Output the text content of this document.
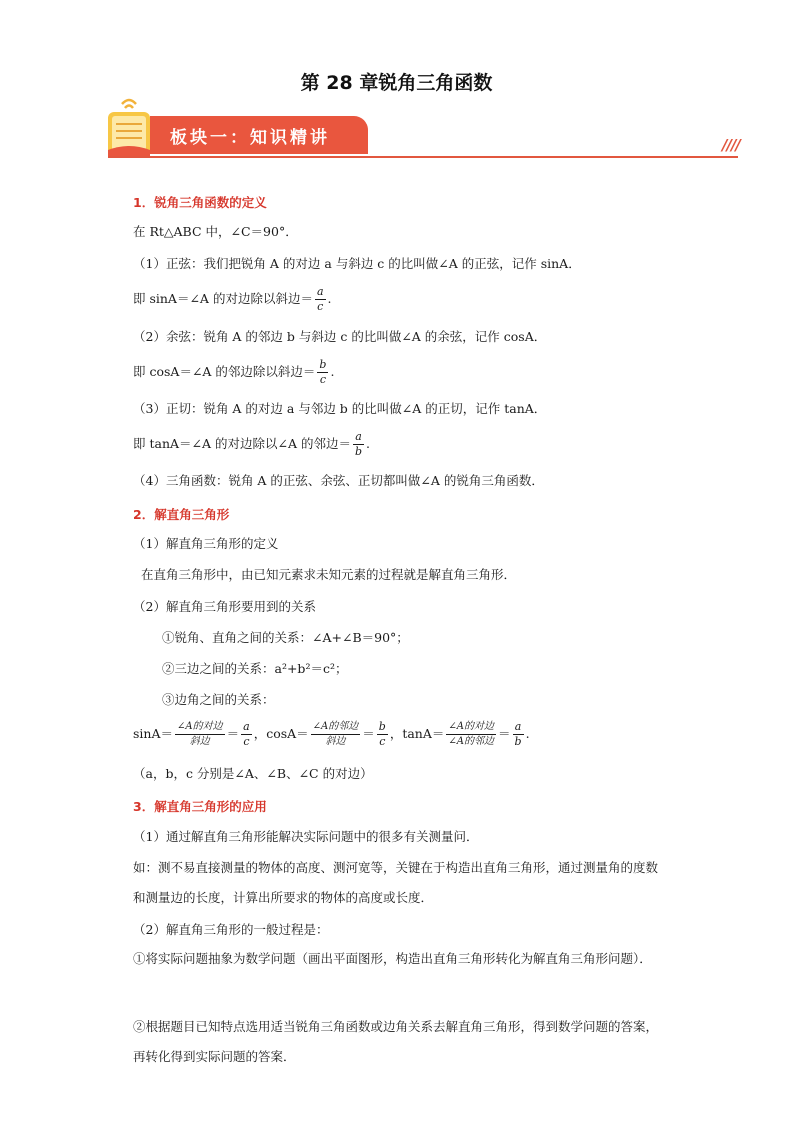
第 28 章锐角三角函数
板块一：知识精讲	////
1．锐角三角函数的定义
在 Rt△ABC 中，∠C＝90°．
（1）正弦：我们把锐角 A 的对边 a 与斜边 c 的比叫做∠A 的正弦，记作 sinA．
即 sinA＝∠A 的对边除以斜边＝ $\frac{a}{c}$ .
（2）余弦：锐角 A 的邻边 b 与斜边 c 的比叫做∠A 的余弦，记作 cosA．
即 cosA＝∠A 的邻边除以斜边＝ $\frac{b}{c}$ .
（3）正切：锐角 A 的对边 a 与邻边 b 的比叫做∠A 的正切，记作 tanA．
即 tanA＝∠A 的对边除以∠A 的邻边＝ $\frac{a}{b}$ .
（4）三角函数：锐角 A 的正弦、余弦、正切都叫做∠A 的锐角三角函数．
2．解直角三角形
（1）解直角三角形的定义
在直角三角形中，由已知元素求未知元素的过程就是解直角三角形．
（2）解直角三角形要用到的关系
①锐角、直角之间的关系：∠A+∠B＝90°；
②三边之间的关系：a²+b²＝c²；
③边角之间的关系：
$\sin A= \frac{\text{∠A的对边}}{\text{斜边}} = \frac{a}{c}$ ，$\cos A= \frac{\text{∠A的邻边}}{\text{斜边}} = \frac{b}{c}$ ，$\tan A= \frac{\text{∠A的对边}}{\text{∠A的邻边}} = \frac{a}{b}$ .
（a，b，c 分别是∠A、∠B、∠C 的对边）
3．解直角三角形的应用
（1）通过解直角三角形能解决实际问题中的很多有关测量问．
如：测不易直接测量的物体的高度、测河宽等，关键在于构造出直角三角形，通过测量角的度数和测量边的长度，计算出所要求的物体的高度或长度．
（2）解直角三角形的一般过程是：
①将实际问题抽象为数学问题（画出平面图形，构造出直角三角形转化为解直角三角形问题）．
②根据题目已知特点选用适当锐角三角函数或边角关系去解直角三角形，得到数学问题的答案，再转化得到实际问题的答案．
